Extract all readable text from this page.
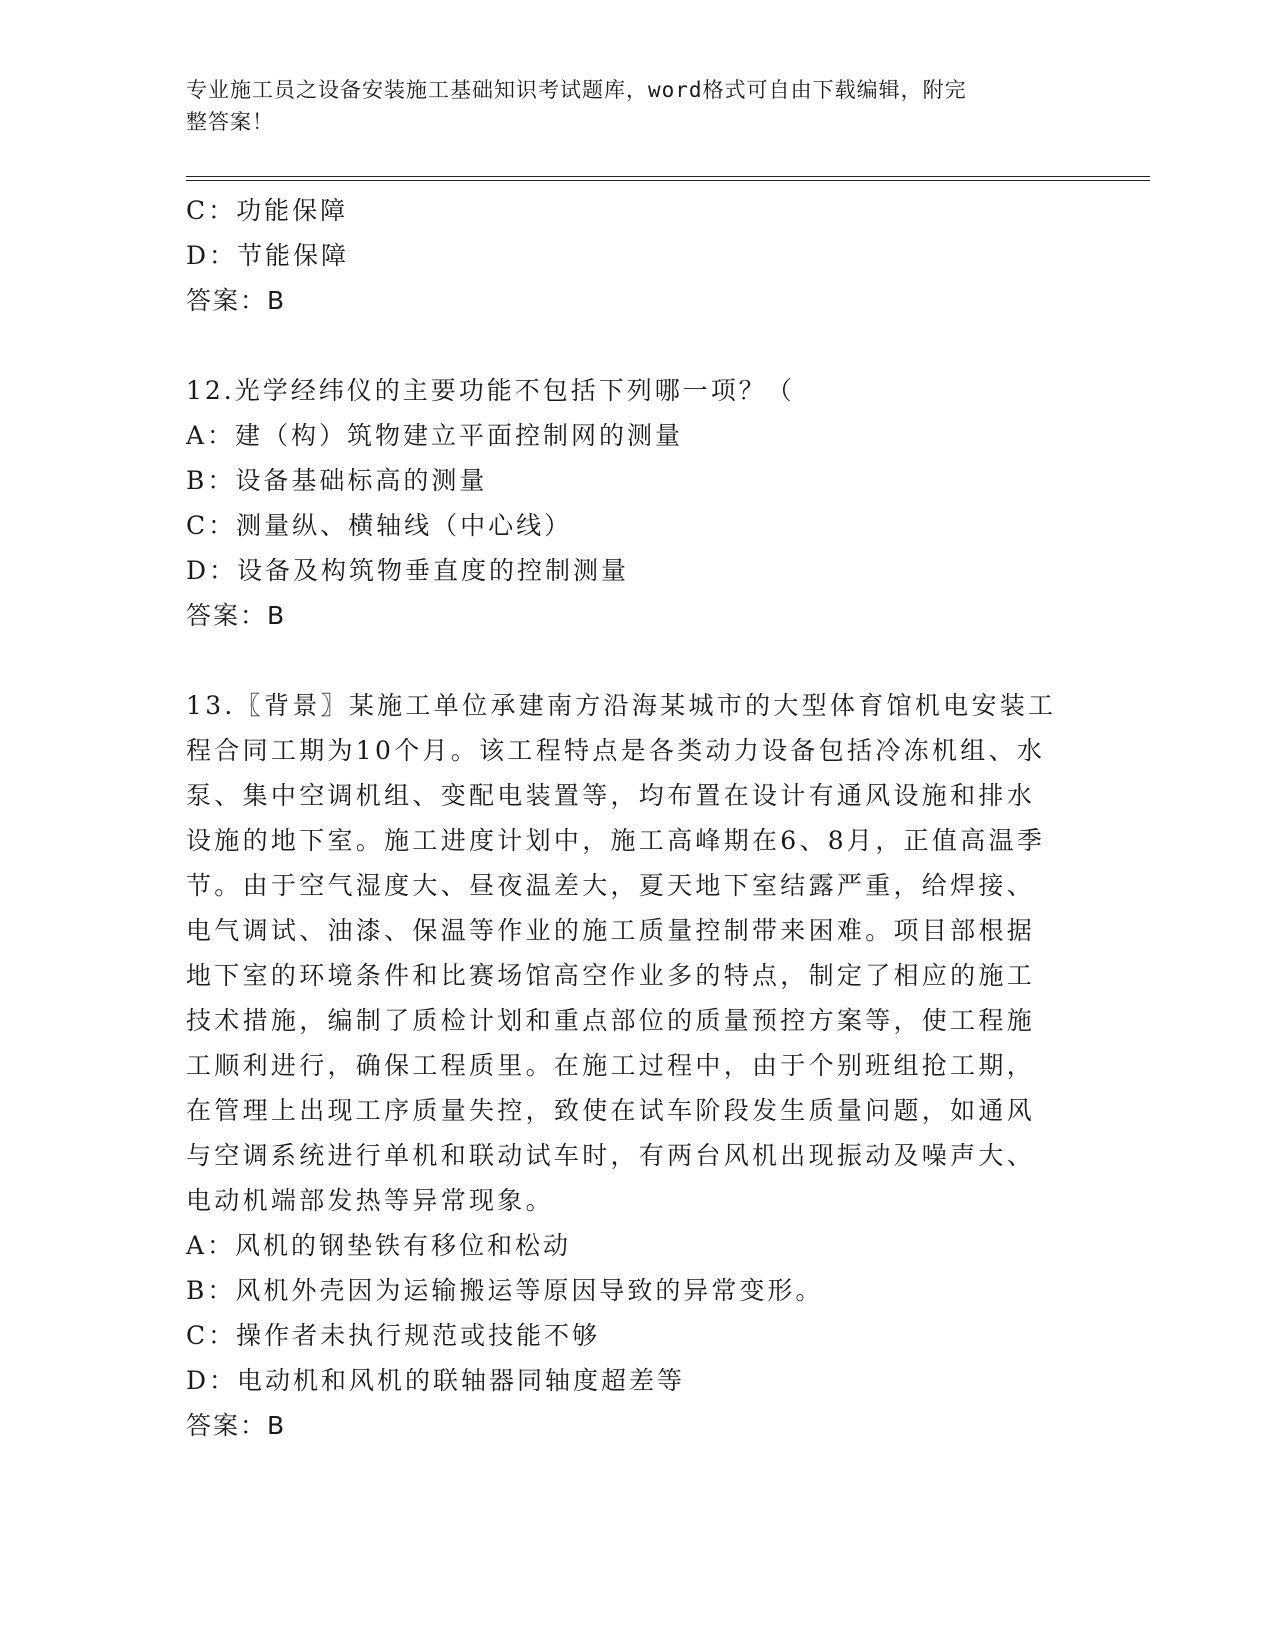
专业施工员之设备安装施工基础知识考试题库，word格式可自由下载编辑，附完
整答案！
C：功能保障
D：节能保障
答案：B
12.光学经纬仪的主要功能不包括下列哪一项？（
A：建（构）筑物建立平面控制网的测量
B：设备基础标高的测量
C：测量纵、横轴线（中心线）
D：设备及构筑物垂直度的控制测量
答案：B
13.〖背景〗某施工单位承建南方沿海某城市的大型体育馆机电安装工
程合同工期为10个月。该工程特点是各类动力设备包括冷冻机组、水
泵、集中空调机组、变配电装置等，均布置在设计有通风设施和排水
设施的地下室。施工进度计划中，施工高峰期在6、8月，正值高温季
节。由于空气湿度大、昼夜温差大，夏天地下室结露严重，给焊接、
电气调试、油漆、保温等作业的施工质量控制带来困难。项目部根据
地下室的环境条件和比赛场馆高空作业多的特点，制定了相应的施工
技术措施，编制了质检计划和重点部位的质量预控方案等，使工程施
工顺利进行，确保工程质里。在施工过程中，由于个别班组抢工期，
在管理上出现工序质量失控，致使在试车阶段发生质量问题，如通风
与空调系统进行单机和联动试车时，有两台风机出现振动及噪声大、
电动机端部发热等异常现象。
A：风机的钢垫铁有移位和松动
B：风机外壳因为运输搬运等原因导致的异常变形。
C：操作者未执行规范或技能不够
D：电动机和风机的联轴器同轴度超差等
答案：B
